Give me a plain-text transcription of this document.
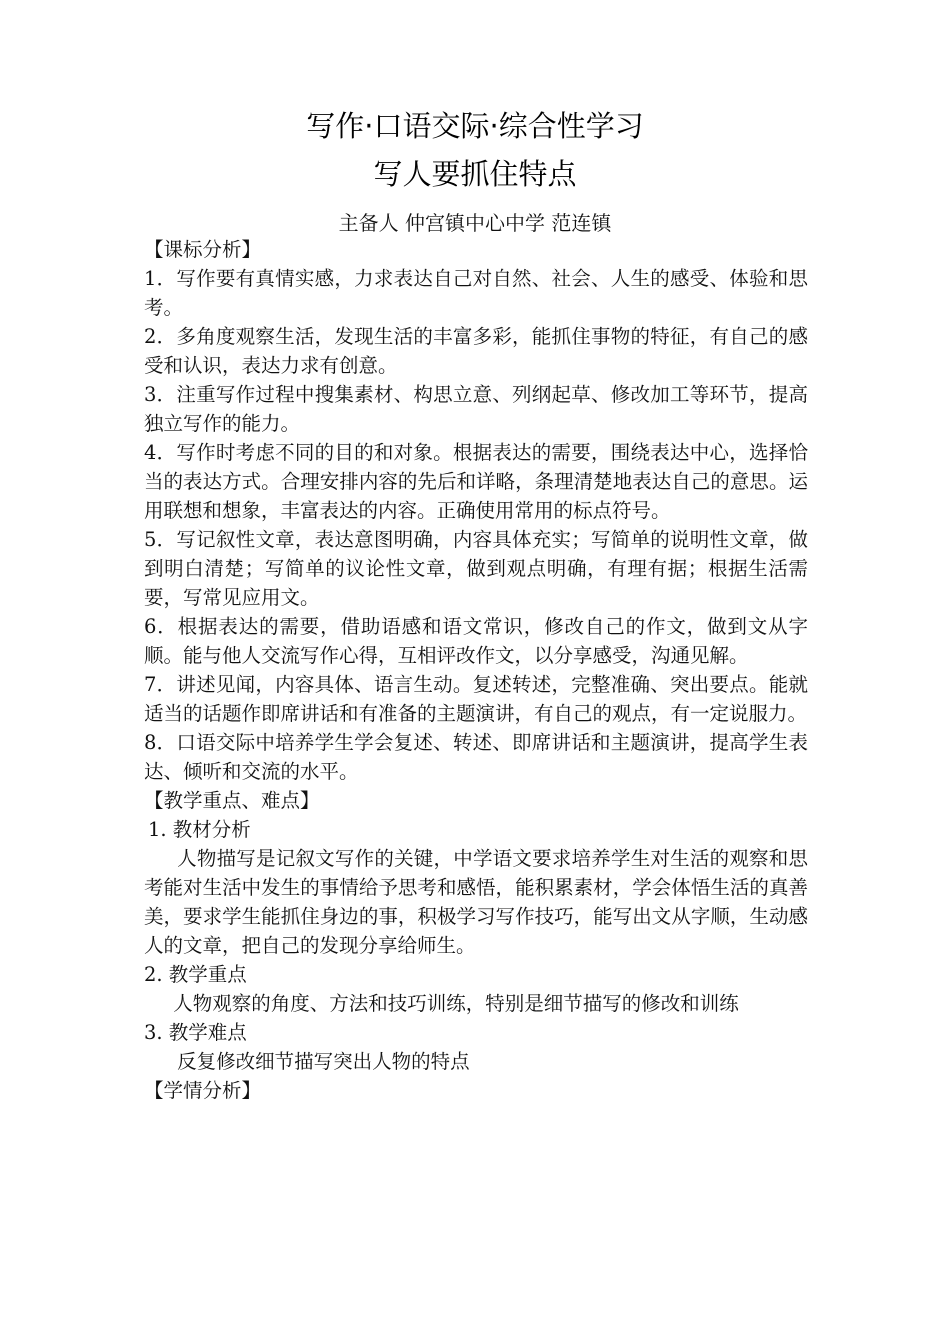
写作·口语交际·综合性学习
写人要抓住特点
主备人 仲宫镇中心中学 范连镇

【课标分析】

1．写作要有真情实感，力求表达自己对自然、社会、人生的感受、体验和思考。

2．多角度观察生活，发现生活的丰富多彩，能抓住事物的特征，有自己的感受和认识，表达力求有创意。

3．注重写作过程中搜集素材、构思立意、列纲起草、修改加工等环节，提高独立写作的能力。

4．写作时考虑不同的目的和对象。根据表达的需要，围绕表达中心，选择恰当的表达方式。合理安排内容的先后和详略，条理清楚地表达自己的意思。运用联想和想象，丰富表达的内容。正确使用常用的标点符号。

5．写记叙性文章，表达意图明确，内容具体充实；写简单的说明性文章，做到明白清楚；写简单的议论性文章，做到观点明确，有理有据；根据生活需要，写常见应用文。

6．根据表达的需要，借助语感和语文常识，修改自己的作文，做到文从字顺。能与他人交流写作心得，互相评改作文，以分享感受，沟通见解。

7．讲述见闻，内容具体、语言生动。复述转述，完整准确、突出要点。能就适当的话题作即席讲话和有准备的主题演讲，有自己的观点，有一定说服力。

8．口语交际中培养学生学会复述、转述、即席讲话和主题演讲，提高学生表达、倾听和交流的水平。

【教学重点、难点】

1. 教材分析

人物描写是记叙文写作的关键，中学语文要求培养学生对生活的观察和思考能对生活中发生的事情给予思考和感悟，能积累素材，学会体悟生活的真善美，要求学生能抓住身边的事，积极学习写作技巧，能写出文从字顺，生动感人的文章，把自己的发现分享给师生。

2. 教学重点

人物观察的角度、方法和技巧训练，特别是细节描写的修改和训练

3. 教学难点

反复修改细节描写突出人物的特点

【学情分析】
